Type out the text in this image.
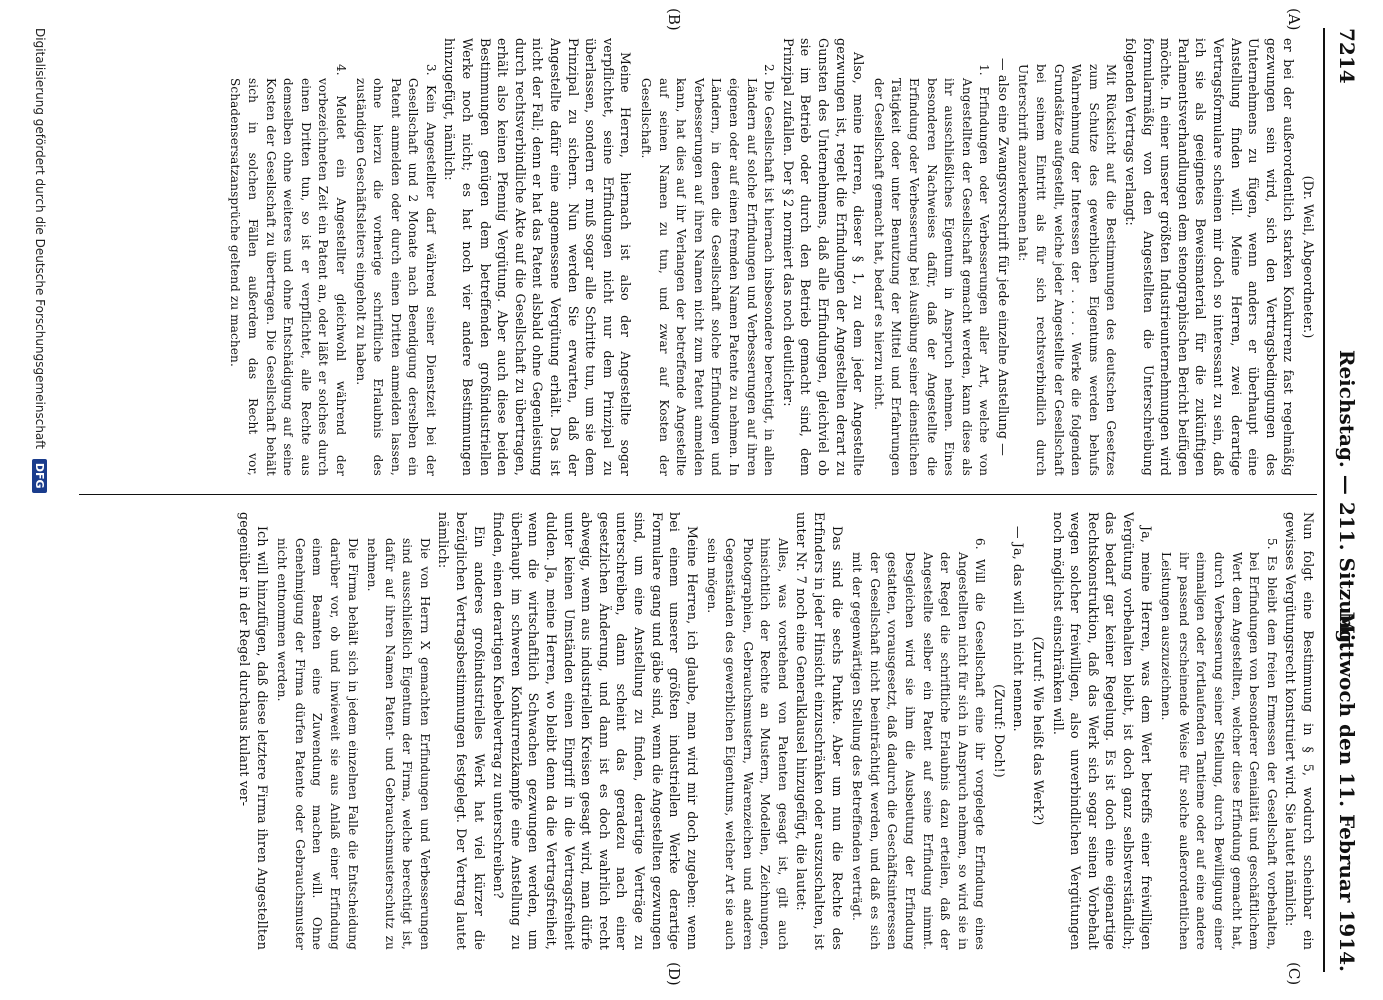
7214
Reichstag. — 211. Sitzung.
Mittwoch den 11. Februar 1914.
(A)
(B)
(C)
(D)

(Dr. Weil, Abgeordneter.)

er bei der außerordentlich starken Konkurrenz fast regelmäßig gezwungen sein wird, sich den Vertragsbedingungen des Unternehmens zu fügen, wenn anders er überhaupt eine Anstellung finden will. Meine Herren, zwei derartige Vertragsformulare scheinen mir doch so interessant zu sein, daß ich sie als geeignetes Beweismaterial für die zukünftigen Parlamentsverhandlungen dem stenographischen Bericht beifügen möchte. In einer unserer größten Industrieunternehmungen wird formularmäßig von den Angestellten die Unterschreibung folgenden Vertrags verlangt:

Mit Rücksicht auf die Bestimmungen des deutschen Gesetzes zum Schutze des gewerblichen Eigentums werden behufs Wahrnehmung der Interessen der . . . . . Werke die folgenden Grundsätze aufgestellt, welche jeder Angestellte der Gesellschaft bei seinem Eintritt als für sich rechtsverbindlich durch Unterschrift anzuerkennen hat:

— also eine Zwangsvorschrift für jede einzelne Anstellung —

1. Erfindungen oder Verbesserungen aller Art, welche von Angestellten der Gesellschaft gemacht werden, kann diese als ihr ausschließliches Eigentum in Anspruch nehmen. Eines besonderen Nachweises dafür, daß der Angestellte die Erfindung oder Verbesserung bei Ausübung seiner dienstlichen Tätigkeit oder unter Benutzung der Mittel und Erfahrungen der Gesellschaft gemacht hat, bedarf es hierzu nicht.

Also, meine Herren, dieser § 1, zu dem jeder Angestellte gezwungen ist, regelt die Erfindungen der Angestellten derart zu Gunsten des Unternehmens, daß alle Erfindungen, gleichviel ob sie im Betrieb oder durch den Betrieb gemacht sind, dem Prinzipal zufallen. Der § 2 normiert das noch deutlicher:

2. Die Gesellschaft ist hiernach insbesondere berechtigt, in allen Ländern auf solche Erfindungen und Verbesserungen auf ihren eigenen oder auf einen fremden Namen Patente zu nehmen. In Ländern, in denen die Gesellschaft solche Erfindungen und Verbesserungen auf ihren Namen nicht zum Patent anmelden kann, hat dies auf ihr Verlangen der betreffende Angestellte auf seinen Namen zu tun, und zwar auf Kosten der Gesellschaft.

Meine Herren, hiernach ist also der Angestellte sogar verpflichtet, seine Erfindungen nicht nur dem Prinzipal zu überlassen, sondern er muß sogar alle Schritte tun, um sie dem Prinzipal zu sichern. Nun werden Sie erwarten, daß der Angestellte dafür eine angemessene Vergütung erhält. Das ist nicht der Fall; denn er hat das Patent alsbald ohne Gegenleistung durch rechtsverbindliche Akte auf die Gesellschaft zu übertragen, erhält also keinen Pfennig Vergütung. Aber auch diese beiden Bestimmungen genügen dem betreffenden großindustriellen Werke noch nicht; es hat noch vier andere Bestimmungen hinzugefügt, nämlich:

3. Kein Angestellter darf während seiner Dienstzeit bei der Gesellschaft und 2 Monate nach Beendigung derselben ein Patent anmelden oder durch einen Dritten anmelden lassen, ohne hierzu die vorherige schriftliche Erlaubnis des zuständigen Geschäftsleiters eingeholt zu haben.

4. Meldet ein Angestellter gleichwohl während der vorbezeichneten Zeit ein Patent an, oder läßt er solches durch einen Dritten tun, so ist er verpflichtet, alle Rechte aus demselben ohne weiteres und ohne Entschädigung auf seine Kosten der Gesellschaft zu übertragen. Die Gesellschaft behält sich in solchen Fällen außerdem das Recht vor, Schadensersatzansprüche geltend zu machen.

Nun folgt eine Bestimmung in § 5, wodurch scheinbar ein gewisses Vergütungsrecht konstruiert wird. Sie lautet nämlich:

5. Es bleibt dem freien Ermessen der Gesellschaft vorbehalten, bei Erfindungen von besonderer Genialität und geschäftlichem Wert dem Angestellten, welcher diese Erfindung gemacht hat, durch Verbesserung seiner Stellung, durch Bewilligung einer einmaligen oder fortlaufenden Tantieme oder auf eine andere ihr passend erscheinende Weise für solche außerordentlichen Leistungen auszuzeichnen.

Ja, meine Herren, was dem Wert betreffs einer freiwilligen Vergütung vorbehalten bleibt, ist doch ganz selbstverständlich; das bedarf gar keiner Regelung. Es ist doch eine eigenartige Rechtskonstruktion, daß das Werk sich sogar seinen Vorbehalt wegen solcher freiwilligen, also unverbindlichen Vergütungen noch möglichst einschränken will.

(Zuruf: Wie heißt das Werk?)

— Ja, das will ich nicht nennen.

(Zuruf: Doch!)

6. Will die Gesellschaft eine ihr vorgelegte Erfindung eines Angestellten nicht für sich in Anspruch nehmen, so wird sie in der Regel die schriftliche Erlaubnis dazu erteilen, daß der Angestellte selber ein Patent auf seine Erfindung nimmt. Desgleichen wird sie ihm die Ausbeutung der Erfindung gestatten, vorausgesetzt, daß dadurch die Geschäftsinteressen der Gesellschaft nicht beeinträchtigt werden, und daß es sich mit der gegenwärtigen Stellung des Betreffenden verträgt.

Das sind die sechs Punkte. Aber um nun die Rechte des Erfinders in jeder Hinsicht einzuschränken oder auszuschalten, ist unter Nr. 7 noch eine Generalklausel hinzugefügt, die lautet:

Alles, was vorstehend von Patenten gesagt ist, gilt auch hinsichtlich der Rechte an Mustern, Modellen, Zeichnungen, Photographien, Gebrauchsmustern, Warenzeichen und anderen Gegenständen des gewerblichen Eigentums, welcher Art sie auch sein mögen.

Meine Herren, ich glaube, man wird mir doch zugeben: wenn bei einem unserer größten industriellen Werke derartige Formulare gang und gäbe sind, wenn die Angestellten gezwungen sind, um eine Anstellung zu finden, derartige Verträge zu unterschreiben, dann scheint das geradezu nach einer gesetzlichen Änderung, und dann ist es doch wahrlich recht abwegig, wenn aus industriellen Kreisen gesagt wird, man dürfe unter keinen Umständen einen Eingriff in die Vertragsfreiheit dulden. Ja, meine Herren, wo bleibt denn da die Vertragsfreiheit, wenn die wirtschaftlich Schwachen gezwungen werden, um überhaupt im schweren Konkurrenzkampfe eine Anstellung zu finden, einen derartigen Knebelvertrag zu unterschreiben?

Ein anderes großindustrielles Werk hat viel kürzer die bezüglichen Vertragsbestimmungen festgelegt. Der Vertrag lautet nämlich:

Die von Herrn X gemachten Erfindungen und Verbesserungen sind ausschließlich Eigentum der Firma, welche berechtigt ist, dafür auf ihren Namen Patent- und Gebrauchsmusterschutz zu nehmen.

Die Firma behält sich in jedem einzelnen Falle die Entscheidung darüber vor, ob und inwieweit sie aus Anlaß einer Erfindung einem Beamten eine Zuwendung machen will. Ohne Genehmigung der Firma dürfen Patente oder Gebrauchsmuster nicht entnommen werden.

Ich will hinzufügen, daß diese letztere Firma ihren Angestellten gegenüber in der Regel durchaus kulant ver-

Digitalisierung gefördert durch die Deutsche Forschungsgemeinschaft DFG
